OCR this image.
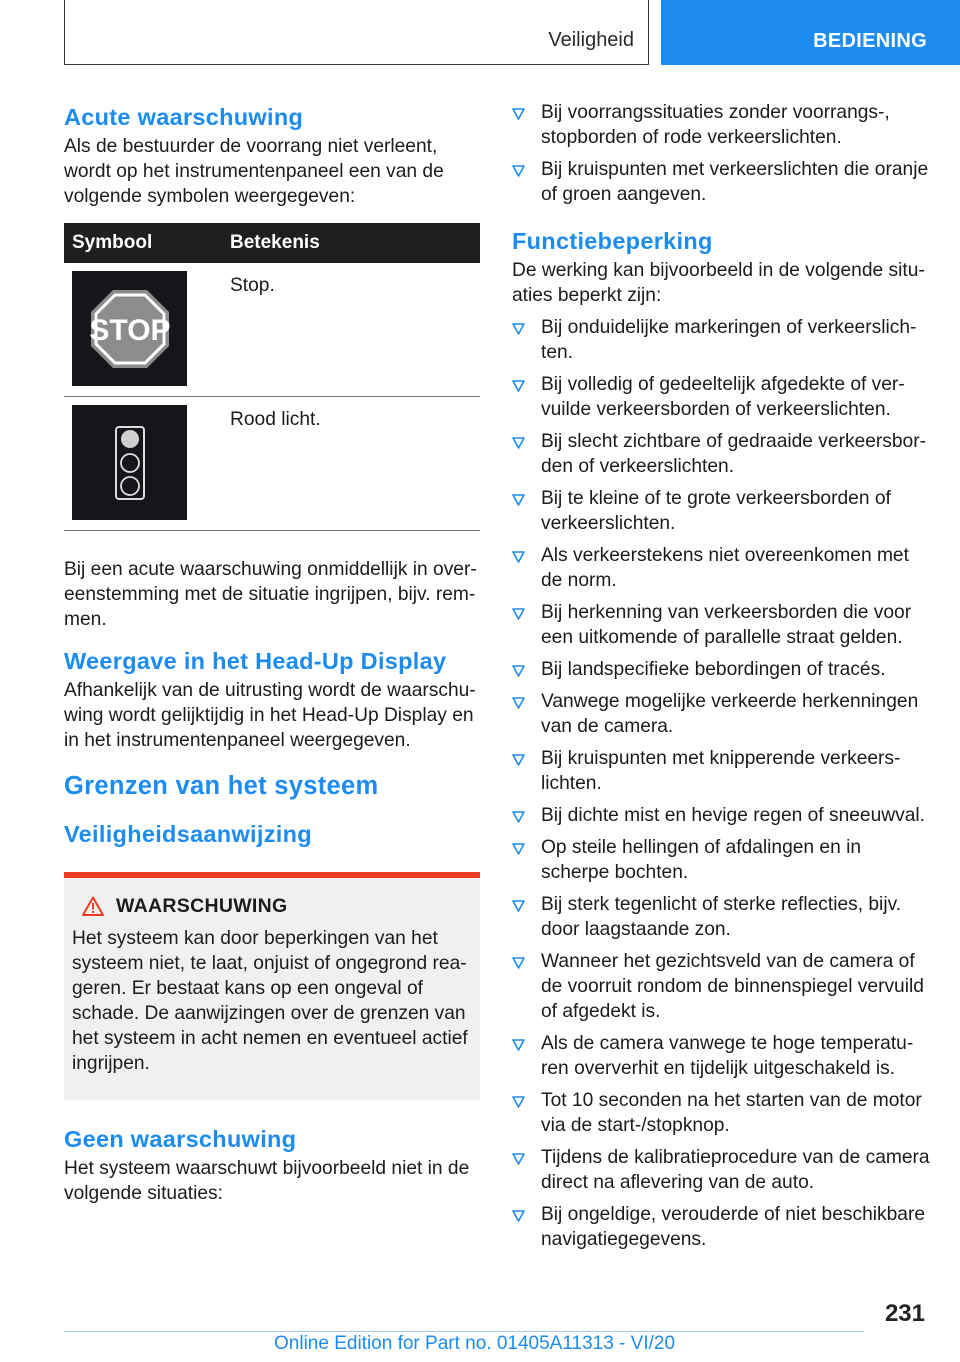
Veiligheid	BEDIENING
Acute waarschuwing

Als de bestuurder de voorrang niet verleent, wordt op het instrumentenpaneel een van de volgende symbolen weergegeven:

Symbool	Betekenis

STOP	Stop.

	Rood licht.

Bij een acute waarschuwing onmiddellijk in overeenstemming met de situatie ingrijpen, bijv. remmen.

Weergave in het Head-Up Display

Afhankelijk van de uitrusting wordt de waarschuwing wordt gelijktijdig in het Head-Up Display en in het instrumentenpaneel weergegeven.

Grenzen van het systeem
Veiligheidsaanwijzing
WAARSCHUWING

Het systeem kan door beperkingen van het systeem niet, te laat, onjuist of ongegrond reageren. Er bestaat kans op een ongeval of schade. De aanwijzingen over de grenzen van het systeem in acht nemen en eventueel actief ingrijpen.

Geen waarschuwing

Het systeem waarschuwt bijvoorbeeld niet in de volgende situaties:

Bij voorrangssituaties zonder voorrangs-, stopborden of rode verkeerslichten.
Bij kruispunten met verkeerslichten die oranje of groen aangeven.
Functiebeperking

De werking kan bijvoorbeeld in de volgende situaties beperkt zijn:

Bij onduidelijke markeringen of verkeerslichten.
Bij volledig of gedeeltelijk afgedekte of vervuilde verkeersborden of verkeerslichten.
Bij slecht zichtbare of gedraaide verkeersborden of verkeerslichten.
Bij te kleine of te grote verkeersborden of verkeerslichten.
Als verkeerstekens niet overeenkomen met de norm.
Bij herkenning van verkeersborden die voor een uitkomende of parallelle straat gelden.
Bij landspecifieke bebordingen of tracés.
Vanwege mogelijke verkeerde herkenningen van de camera.
Bij kruispunten met knipperende verkeerslichten.
Bij dichte mist en hevige regen of sneeuwval.
Op steile hellingen of afdalingen en in scherpe bochten.
Bij sterk tegenlicht of sterke reflecties, bijv. door laagstaande zon.
Wanneer het gezichtsveld van de camera of de voorruit rondom de binnenspiegel vervuild of afgedekt is.
Als de camera vanwege te hoge temperaturen oververhit en tijdelijk uitgeschakeld is.
Tot 10 seconden na het starten van de motor via de start-/stopknop.
Tijdens de kalibratieprocedure van de camera direct na aflevering van de auto.
Bij ongeldige, verouderde of niet beschikbare navigatiegegevens.
231
Online Edition for Part no. 01405A11313 - VI/20
